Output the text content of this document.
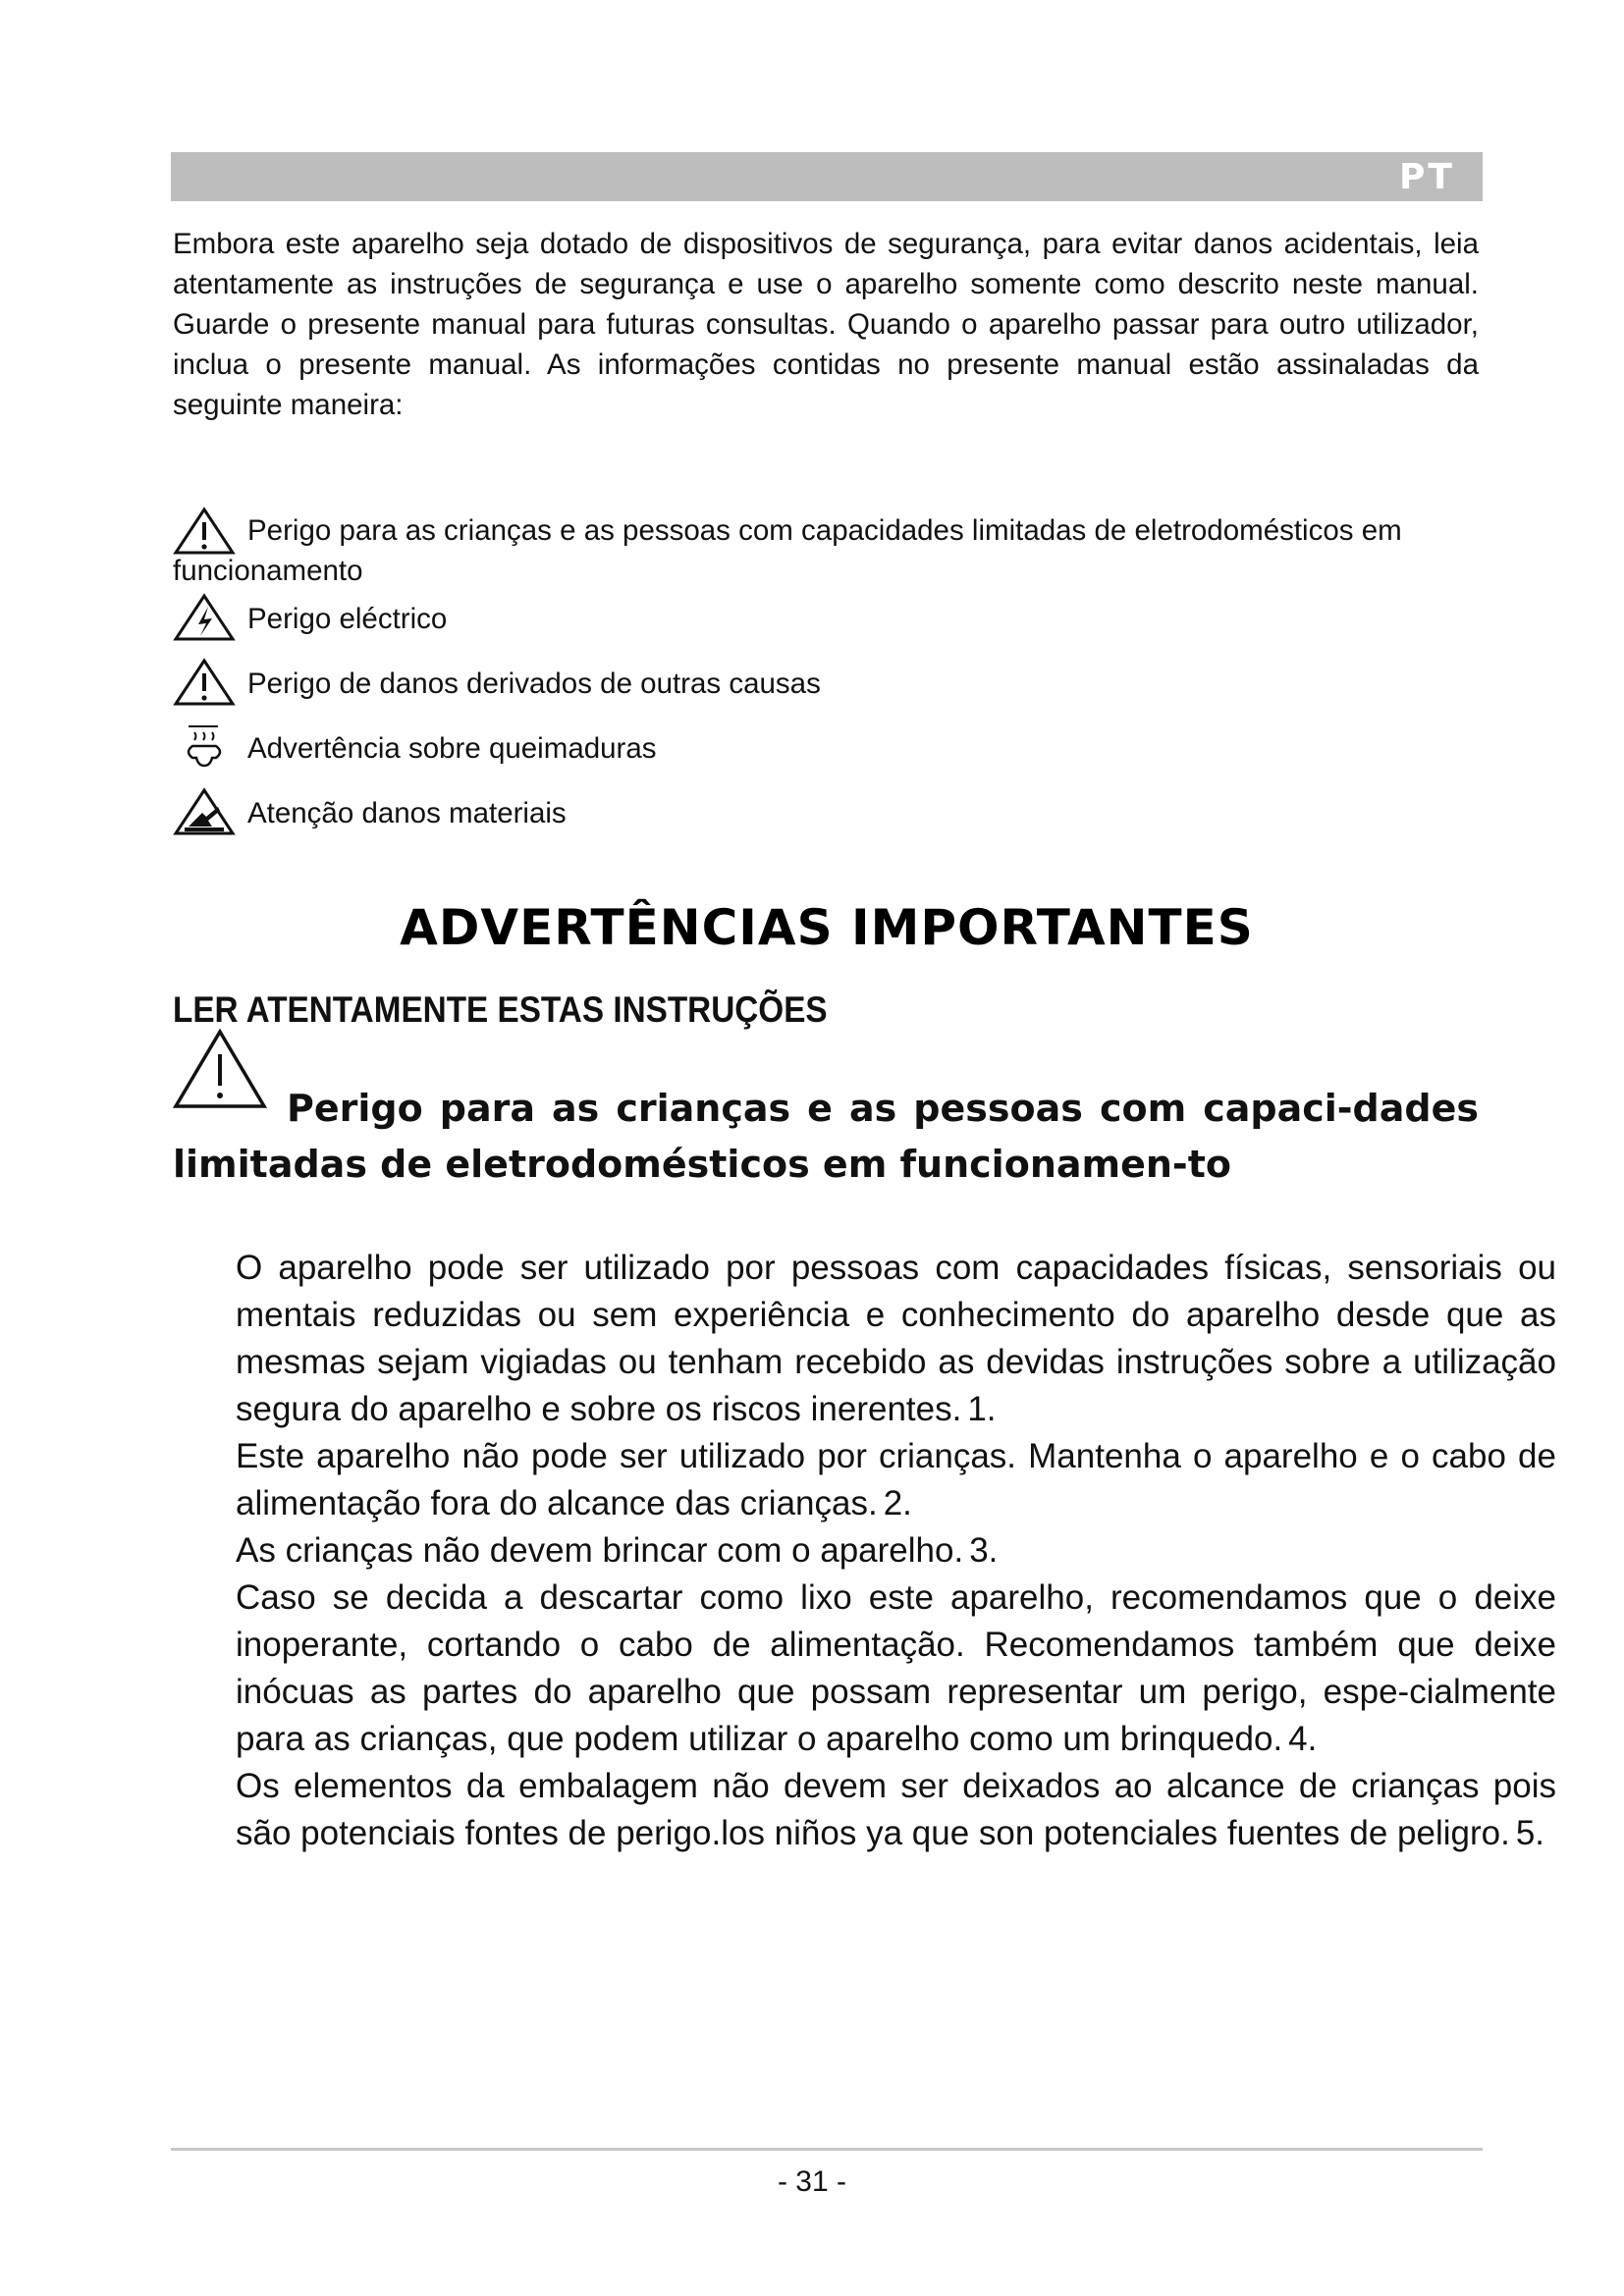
PT

Embora este aparelho seja dotado de dispositivos de segurança, para evitar danos acidentais, leia atentamente as instruções de segurança e use o aparelho somente como descrito neste manual. Guarde o presente manual para futuras consultas. Quando o aparelho passar para outro utilizador, inclua o presente manual. As informações contidas no presente manual estão assinaladas da seguinte maneira:

Perigo para as crianças e as pessoas com capacidades limitadas de eletrodomésticos em funcionamento
Perigo eléctrico
Perigo de danos derivados de outras causas
Advertência sobre queimaduras
Atenção danos materiais
ADVERTÊNCIAS IMPORTANTES
LER ATENTAMENTE ESTAS INSTRUÇÕES
Perigo para as crianças e as pessoas com capaci-dades limitadas de eletrodomésticos em funcionamen-to
O aparelho pode ser utilizado por pessoas com capacidades físicas, sensoriais ou mentais reduzidas ou sem experiência e conhecimento do aparelho desde que as mesmas sejam vigiadas ou tenham recebido as devidas instruções sobre a utilização segura do aparelho e sobre os riscos inerentes. 1.
Este aparelho não pode ser utilizado por crianças. Mantenha o aparelho e o cabo de alimentação fora do alcance das crianças. 2.
As crianças não devem brincar com o aparelho. 3.
Caso se decida a descartar como lixo este aparelho, recomendamos que o deixe inoperante, cortando o cabo de alimentação. Recomendamos também que deixe inócuas as partes do aparelho que possam representar um perigo, espe-cialmente para as crianças, que podem utilizar o aparelho como um brinquedo. 4.
Os elementos da embalagem não devem ser deixados ao alcance de crianças pois são potenciais fontes de perigo.los niños ya que son potenciales fuentes de peligro. 5.
- 31 -
